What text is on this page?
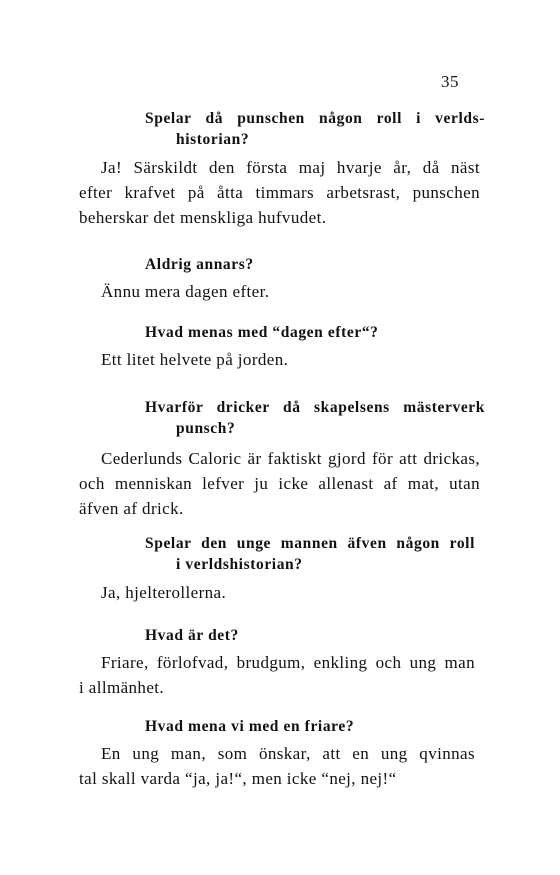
35

Spelar då punschen någon roll i verlds-
historian?

Ja! Särskildt den första maj hvarje år, då näst
efter krafvet på åtta timmars arbetsrast, punschen
beherskar det menskliga hufvudet.

Aldrig annars?

Ännu mera dagen efter.

Hvad menas med “dagen efter“?

Ett litet helvete på jorden.

Hvarför dricker då skapelsens mästerverk
punsch?

Cederlunds Caloric är faktiskt gjord för att drickas,
och menniskan lefver ju icke allenast af mat, utan
äfven af drick.

Spelar den unge mannen äfven någon roll
i verldshistorian?

Ja, hjelterollerna.

Hvad är det?

Friare, förlofvad, brudgum, enkling och ung man
i allmänhet.

Hvad mena vi med en friare?

En ung man, som önskar, att en ung qvinnas
tal skall varda “ja, ja!“, men icke “nej, nej!“
